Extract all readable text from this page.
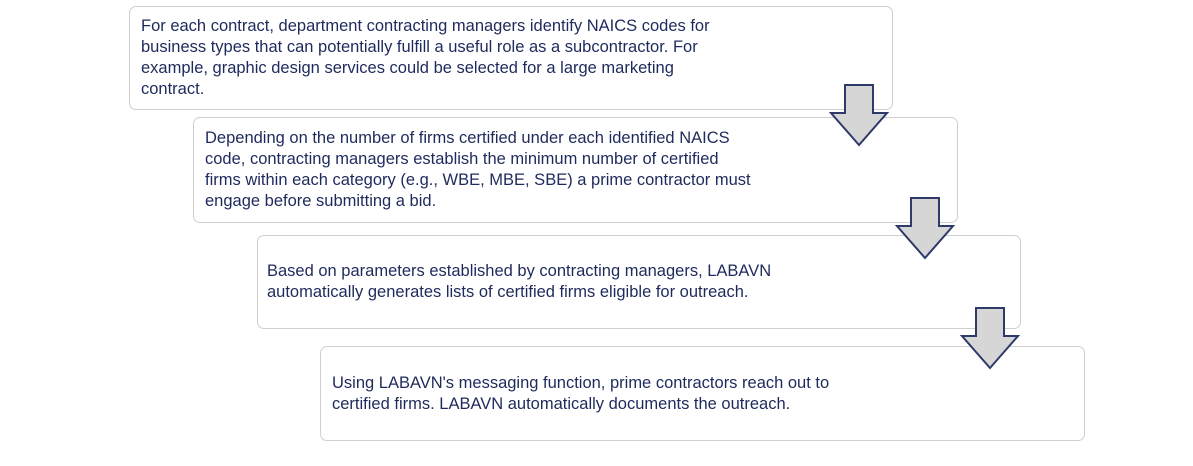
For each contract, department contracting managers identify NAICS codes for
business types that can potentially fulfill a useful role as a subcontractor. For
example, graphic design services could be selected for a large marketing
contract.
Depending on the number of firms certified under each identified NAICS
code, contracting managers establish the minimum number of certified
firms within each category (e.g., WBE, MBE, SBE) a prime contractor must
engage before submitting a bid.
Based on parameters established by contracting managers, LABAVN
automatically generates lists of certified firms eligible for outreach.
Using LABAVN's messaging function, prime contractors reach out to
certified firms. LABAVN automatically documents the outreach.
